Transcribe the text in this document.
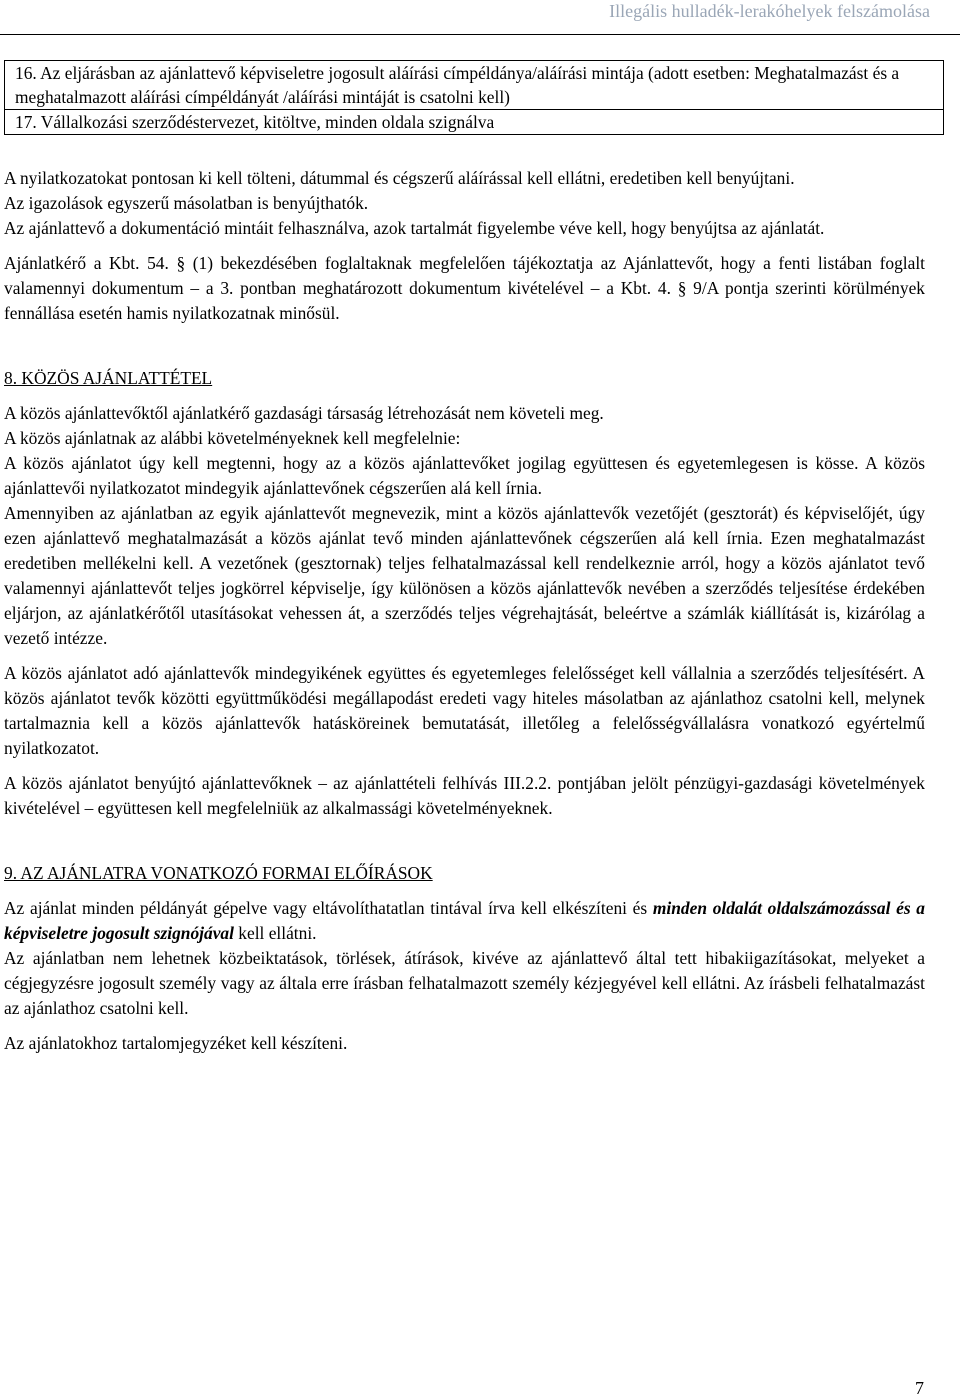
Illegális hulladék-lerakóhelyek felszámolása
16. Az eljárásban az ajánlattevő képviseletre jogosult aláírási címpéldánya/aláírási mintája (adott esetben: Meghatalmazást és a meghatalmazott aláírási címpéldányát /aláírási mintáját is csatolni kell)
17. Vállalkozási szerződéstervezet, kitöltve, minden oldala szignálva

A nyilatkozatokat pontosan ki kell tölteni, dátummal és cégszerű aláírással kell ellátni, eredetiben kell benyújtani.

Az igazolások egyszerű másolatban is benyújthatók.

Az ajánlattevő a dokumentáció mintáit felhasználva, azok tartalmát figyelembe véve kell, hogy benyújtsa az ajánlatát.

Ajánlatkérő a Kbt. 54. § (1) bekezdésében foglaltaknak megfelelően tájékoztatja az Ajánlattevőt, hogy a fenti listában foglalt valamennyi dokumentum – a 3. pontban meghatározott dokumentum kivételével – a Kbt. 4. § 9/A pontja szerinti körülmények fennállása esetén hamis nyilatkozatnak minősül.

8. KÖZÖS AJÁNLATTÉTEL

A közös ajánlattevőktől ajánlatkérő gazdasági társaság létrehozását nem követeli meg.

A közös ajánlatnak az alábbi követelményeknek kell megfelelnie:

A közös ajánlatot úgy kell megtenni, hogy az a közös ajánlattevőket jogilag együttesen és egyetemlegesen is kösse. A közös ajánlattevői nyilatkozatot mindegyik ajánlattevőnek cégszerűen alá kell írnia.

Amennyiben az ajánlatban az egyik ajánlattevőt megnevezik, mint a közös ajánlattevők vezetőjét (gesztorát) és képviselőjét, úgy ezen ajánlattevő meghatalmazását a közös ajánlat tevő minden ajánlattevőnek cégszerűen alá kell írnia. Ezen meghatalmazást eredetiben mellékelni kell. A vezetőnek (gesztornak) teljes felhatalmazással kell rendelkeznie arról, hogy a közös ajánlatot tevő valamennyi ajánlattevőt teljes jogkörrel képviselje, így különösen a közös ajánlattevők nevében a szerződés teljesítése érdekében eljárjon, az ajánlatkérőtől utasításokat vehessen át, a szerződés teljes végrehajtását, beleértve a számlák kiállítását is, kizárólag a vezető intézze.

A közös ajánlatot adó ajánlattevők mindegyikének együttes és egyetemleges felelősséget kell vállalnia a szerződés teljesítésért. A közös ajánlatot tevők közötti együttműködési megállapodást eredeti vagy hiteles másolatban az ajánlathoz csatolni kell, melynek tartalmaznia kell a közös ajánlattevők hatásköreinek bemutatását, illetőleg a felelősségvállalásra vonatkozó egyértelmű nyilatkozatot.

A közös ajánlatot benyújtó ajánlattevőknek – az ajánlattételi felhívás III.2.2. pontjában jelölt pénzügyi-gazdasági követelmények kivételével – együttesen kell megfelelniük az alkalmassági követelményeknek.

9. AZ AJÁNLATRA VONATKOZÓ FORMAI ELŐÍRÁSOK

Az ajánlat minden példányát gépelve vagy eltávolíthatatlan tintával írva kell elkészíteni és minden oldalát oldalszámozással és a képviseletre jogosult szignójával kell ellátni.

Az ajánlatban nem lehetnek közbeiktatások, törlések, átírások, kivéve az ajánlattevő által tett hibakiigazításokat, melyeket a cégjegyzésre jogosult személy vagy az általa erre írásban felhatalmazott személy kézjegyével kell ellátni. Az írásbeli felhatalmazást az ajánlathoz csatolni kell.

Az ajánlatokhoz tartalomjegyzéket kell készíteni.

7
